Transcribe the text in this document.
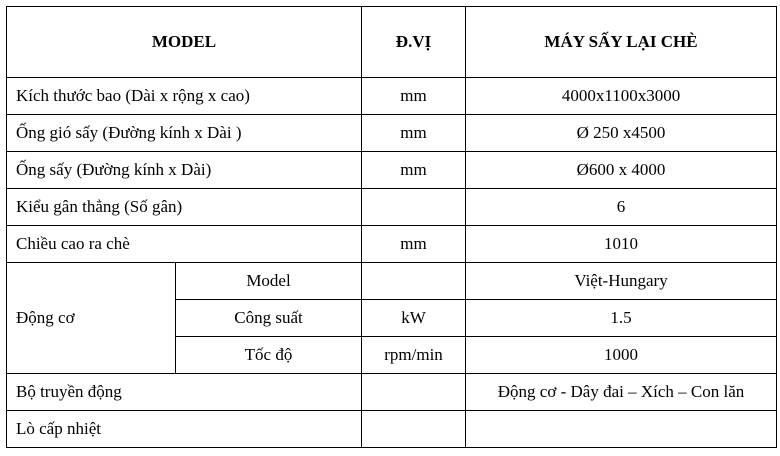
MODEL		Đ.VỊ	MÁY SẤY LẠI CHÈ
Kích thước bao (Dài x rộng x cao)		mm	4000x1100x3000
Ống gió sấy (Đường kính x Dài )		mm	Ø 250 x4500
Ống sấy (Đường kính x Dài)		mm	Ø600 x 4000
Kiểu gân thẳng (Số gân)			6
Chiều cao ra chè		mm	1010
Động cơ	Model		Việt-Hungary
	Công suất	kW	1.5
	Tốc độ	rpm/min	1000
Bộ truyền động			Động cơ - Dây đai – Xích – Con lăn
Lò cấp nhiệt			
